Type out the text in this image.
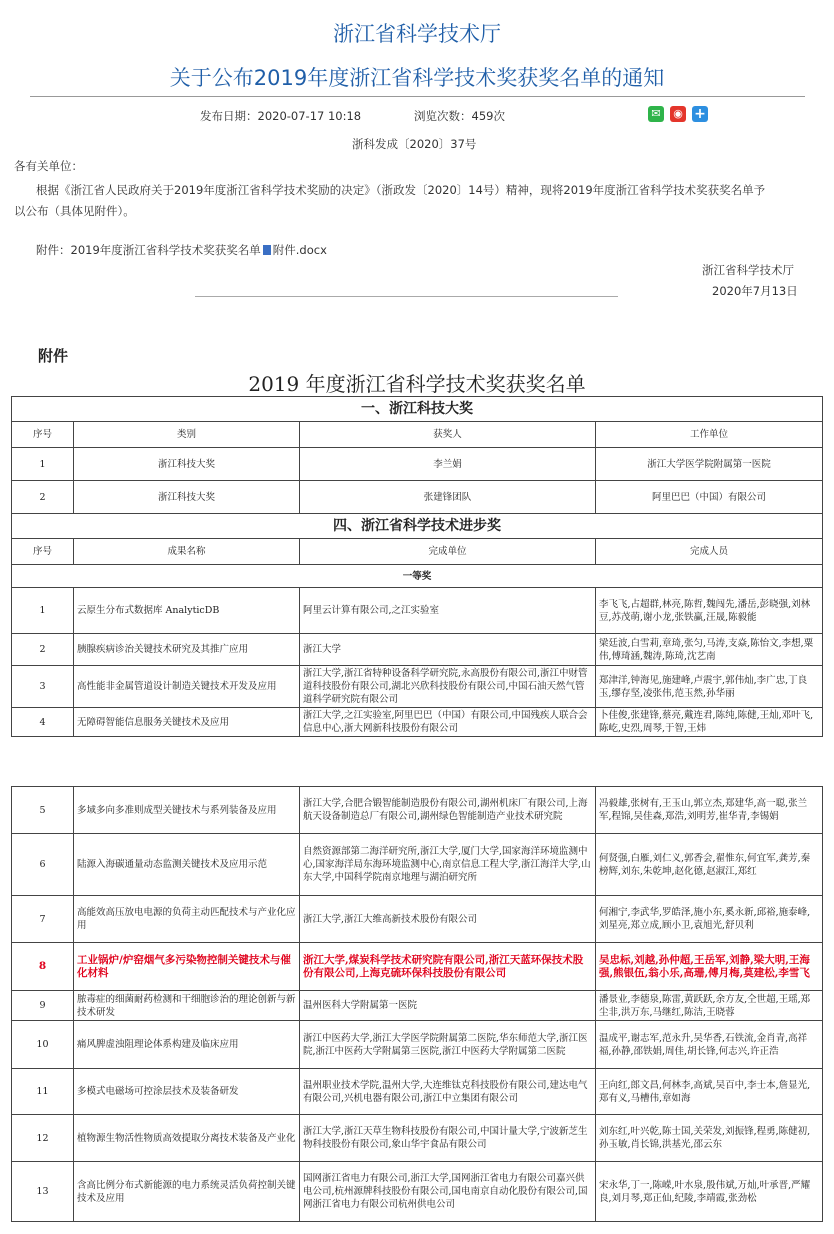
浙江省科学技术厅
关于公布2019年度浙江省科学技术奖获奖名单的通知
发布日期：2020-07-17 10:18	浏览次数：459次	✉	◉ +
浙科发成〔2020〕37号
各有关单位：
根据《浙江省人民政府关于2019年度浙江省科学技术奖励的决定》（浙政发〔2020〕14号）精神，现将2019年度浙江省科学技术奖获奖名单予
以公布（具体见附件）。
附件：2019年度浙江省科学技术奖获奖名单 附件.docx
浙江省科学技术厅
2020年7月13日
附件
2019 年度浙江省科学技术奖获奖名单
一、浙江科技大奖			
序号	类别	获奖人	工作单位
1	浙江科技大奖	李兰娟	浙江大学医学院附属第一医院
2	浙江科技大奖	张建锋团队	阿里巴巴（中国）有限公司
四、浙江省科学技术进步奖			
序号	成果名称	完成单位	完成人员
一等奖			
1	云原生分布式数据库 AnalyticDB	阿里云计算有限公司,之江实验室	李飞飞,占超群,林亮,陈哲,魏闯先,潘岳,彭晓强,刘林豆,苏茂萌,谢小龙,张铁赢,汪晟,陈毅能
2	胰腺疾病诊治关键技术研究及其推广应用	浙江大学	梁廷波,白雪莉,章琦,张匀,马涛,支焱,陈怡文,李想,粟伟,傅琦涵,魏涛,陈琦,沈艺南
3	高性能非金属管道设计制造关键技术开发及应用	浙江大学,浙江省特种设备科学研究院,永高股份有限公司,浙江中财管道科技股份有限公司,湖北兴欣科技股份有限公司,中国石油天然气管道科学研究院有限公司	郑津洋,钟海见,施建峰,卢震宇,郭伟灿,李广忠,丁良玉,缪存坚,凌张伟,范玉然,孙华丽
4	无障碍智能信息服务关键技术及应用	浙江大学,之江实验室,阿里巴巴（中国）有限公司,中国残疾人联合会信息中心,浙大网新科技股份有限公司	卜佳俊,张建锋,蔡亮,戴连君,陈纯,陈健,王灿,邓叶飞,陈屹,史烈,周琴,于智,王炜
5	多域多向多准则成型关键技术与系列装备及应用	浙江大学,合肥合锻智能制造股份有限公司,湖州机床厂有限公司,上海航天设备制造总厂有限公司,湖州绿色智能制造产业技术研究院	冯毅雄,张树有,王玉山,郭立杰,郑建华,高一聪,张兰军,程锦,吴佳森,郑浩,刘明芳,崔华青,李锡娟
6	陆源入海碳通量动态监测关键技术及应用示范	自然资源部第二海洋研究所,浙江大学,厦门大学,国家海洋环境监测中心,国家海洋局东海环境监测中心,南京信息工程大学,浙江海洋大学,山东大学,中国科学院南京地理与湖泊研究所	何贤强,白雁,刘仁义,郭香会,翟惟东,何宜军,龚芳,秦榜辉,刘东,朱乾坤,赵化德,赵淑江,郑红
7	高能效高压放电电源的负荷主动匹配技术与产业化应用	浙江大学,浙江大维高新技术股份有限公司	何湘宁,李武华,罗皓泽,施小东,奚永新,邱裕,施泰峰,刘星亮,郑立成,顾小卫,袁旭光,舒贝利
8	工业锅炉/炉窑烟气多污染物控制关键技术与催化材料	浙江大学,煤炭科学技术研究院有限公司,浙江天蓝环保技术股份有限公司,上海克硫环保科技股份有限公司	吴忠标,刘越,孙仲超,王岳军,刘静,梁大明,王海强,熊银伍,翁小乐,高珊,傅月梅,莫建松,李雪飞
9	脓毒症的细菌耐药检测和干细胞诊治的理论创新与新技术研发	温州医科大学附属第一医院	潘景业,李德泉,陈雷,黄跃跃,余方友,仝世超,王瑶,郑尘非,洪万东,马继红,陈洁,王晓蓉
10	痛风脾虚浊阻理论体系构建及临床应用	浙江中医药大学,浙江大学医学院附属第二医院,华东师范大学,浙江医院,浙江中医药大学附属第三医院,浙江中医药大学附属第二医院	温成平,谢志军,范永升,吴华香,石铁流,金肖青,高祥福,孙静,邵铁娟,周佳,胡长锋,何志兴,许正浩
11	多模式电磁场可控涂层技术及装备研发	温州职业技术学院,温州大学,大连维钛克科技股份有限公司,建达电气有限公司,兴机电器有限公司,浙江中立集团有限公司	王向红,郎文昌,何林李,高斌,吴百中,李士本,詹显光,郑有义,马槽伟,章如海
12	植物源生物活性物质高效提取分离技术装备及产业化	浙江大学,浙江天草生物科技股份有限公司,中国计量大学,宁波新芝生物科技股份有限公司,象山华宇食品有限公司	刘东红,叶兴乾,陈士国,关荣发,刘振锋,程勇,陈健初,孙玉敏,肖长锦,洪基光,邵云东
13	含高比例分布式新能源的电力系统灵活负荷控制关键技术及应用	国网浙江省电力有限公司,浙江大学,国网浙江省电力有限公司嘉兴供电公司,杭州源牌科技股份有限公司,国电南京自动化股份有限公司,国网浙江省电力有限公司杭州供电公司	宋永华,丁一,陈嵘,叶水泉,殷伟斌,万灿,叶承晋,严耀良,刘月琴,郑正仙,纪陵,李靖霞,张劲松
